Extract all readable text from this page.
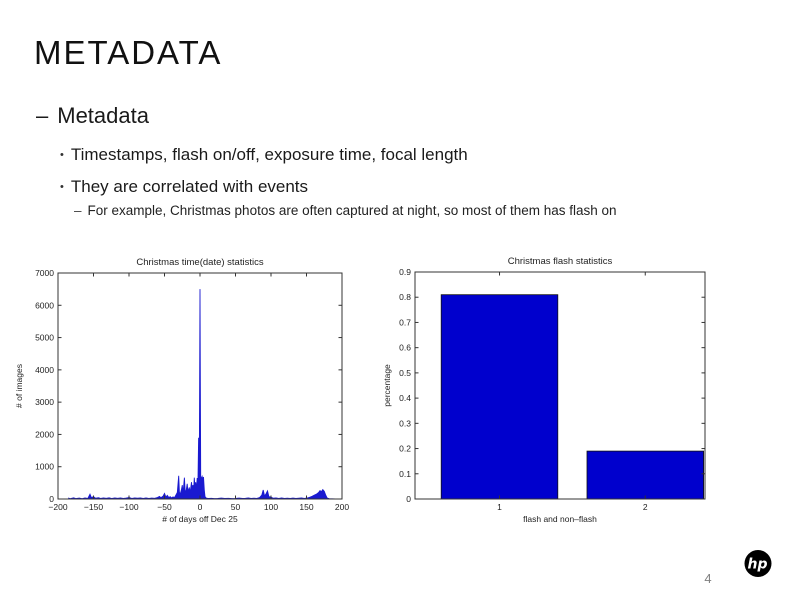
METADATA
– Metadata
• Timestamps, flash on/off, exposure time, focal length
• They are correlated with events
– For example, Christmas photos are often captured at night, so most of them has flash on
−200 −150 −100 −50	0	50	100	150	200
0
1000
2000
3000
4000
5000
6000
7000
Christmas time(date) statistics
# of days off Dec 25
# of images
1	2
0
0.1
0.2
0.3
0.4
0.5
0.6
0.7
0.8
0.9
Christmas flash statistics
flash and non–flash
percentage
4
hp
